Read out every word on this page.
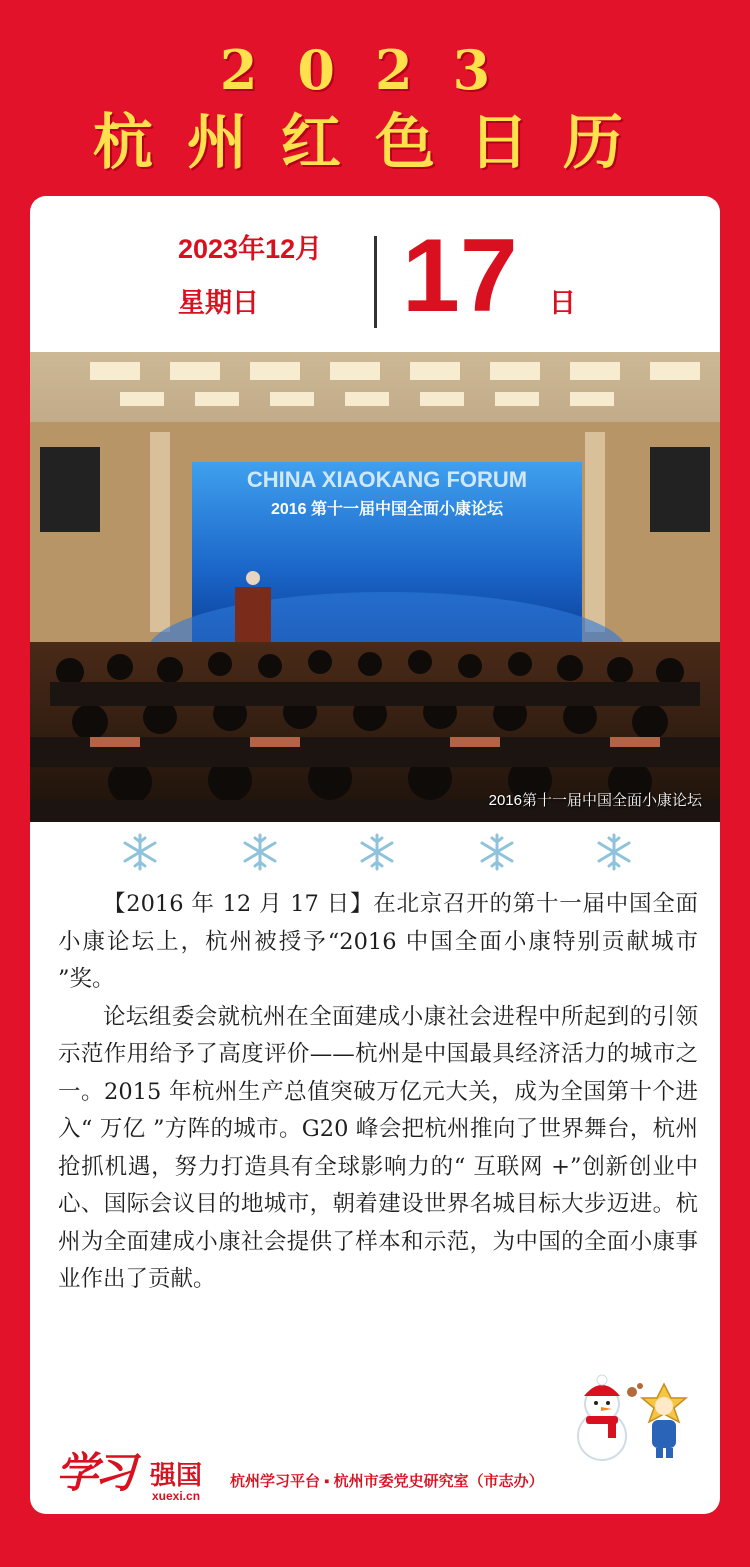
2023
杭州红色日历
2023年12月
星期日 17 日
CHINA XIAOKANG FORUM
2016 第十一届中国全面小康论坛
2016第十一届中国全面小康论坛

【2016 年 12 月 17 日】在北京召开的第十一届中国全面小康论坛上，杭州被授予“2016 中国全面小康特别贡献城市 ”奖。

论坛组委会就杭州在全面建成小康社会进程中所起到的引领示范作用给予了高度评价——杭州是中国最具经济活力的城市之一。2015 年杭州生产总值突破万亿元大关，成为全国第十个进入“ 万亿 ”方阵的城市。G20 峰会把杭州推向了世界舞台，杭州抢抓机遇，努力打造具有全球影响力的“ 互联网 +”创新创业中心、国际会议目的地城市，朝着建设世界名城目标大步迈进。杭州为全面建成小康社会提供了样本和示范，为中国的全面小康事业作出了贡献。

学习 强国
xuexi.cn
杭州学习平台 ▪ 杭州市委党史研究室（市志办）
